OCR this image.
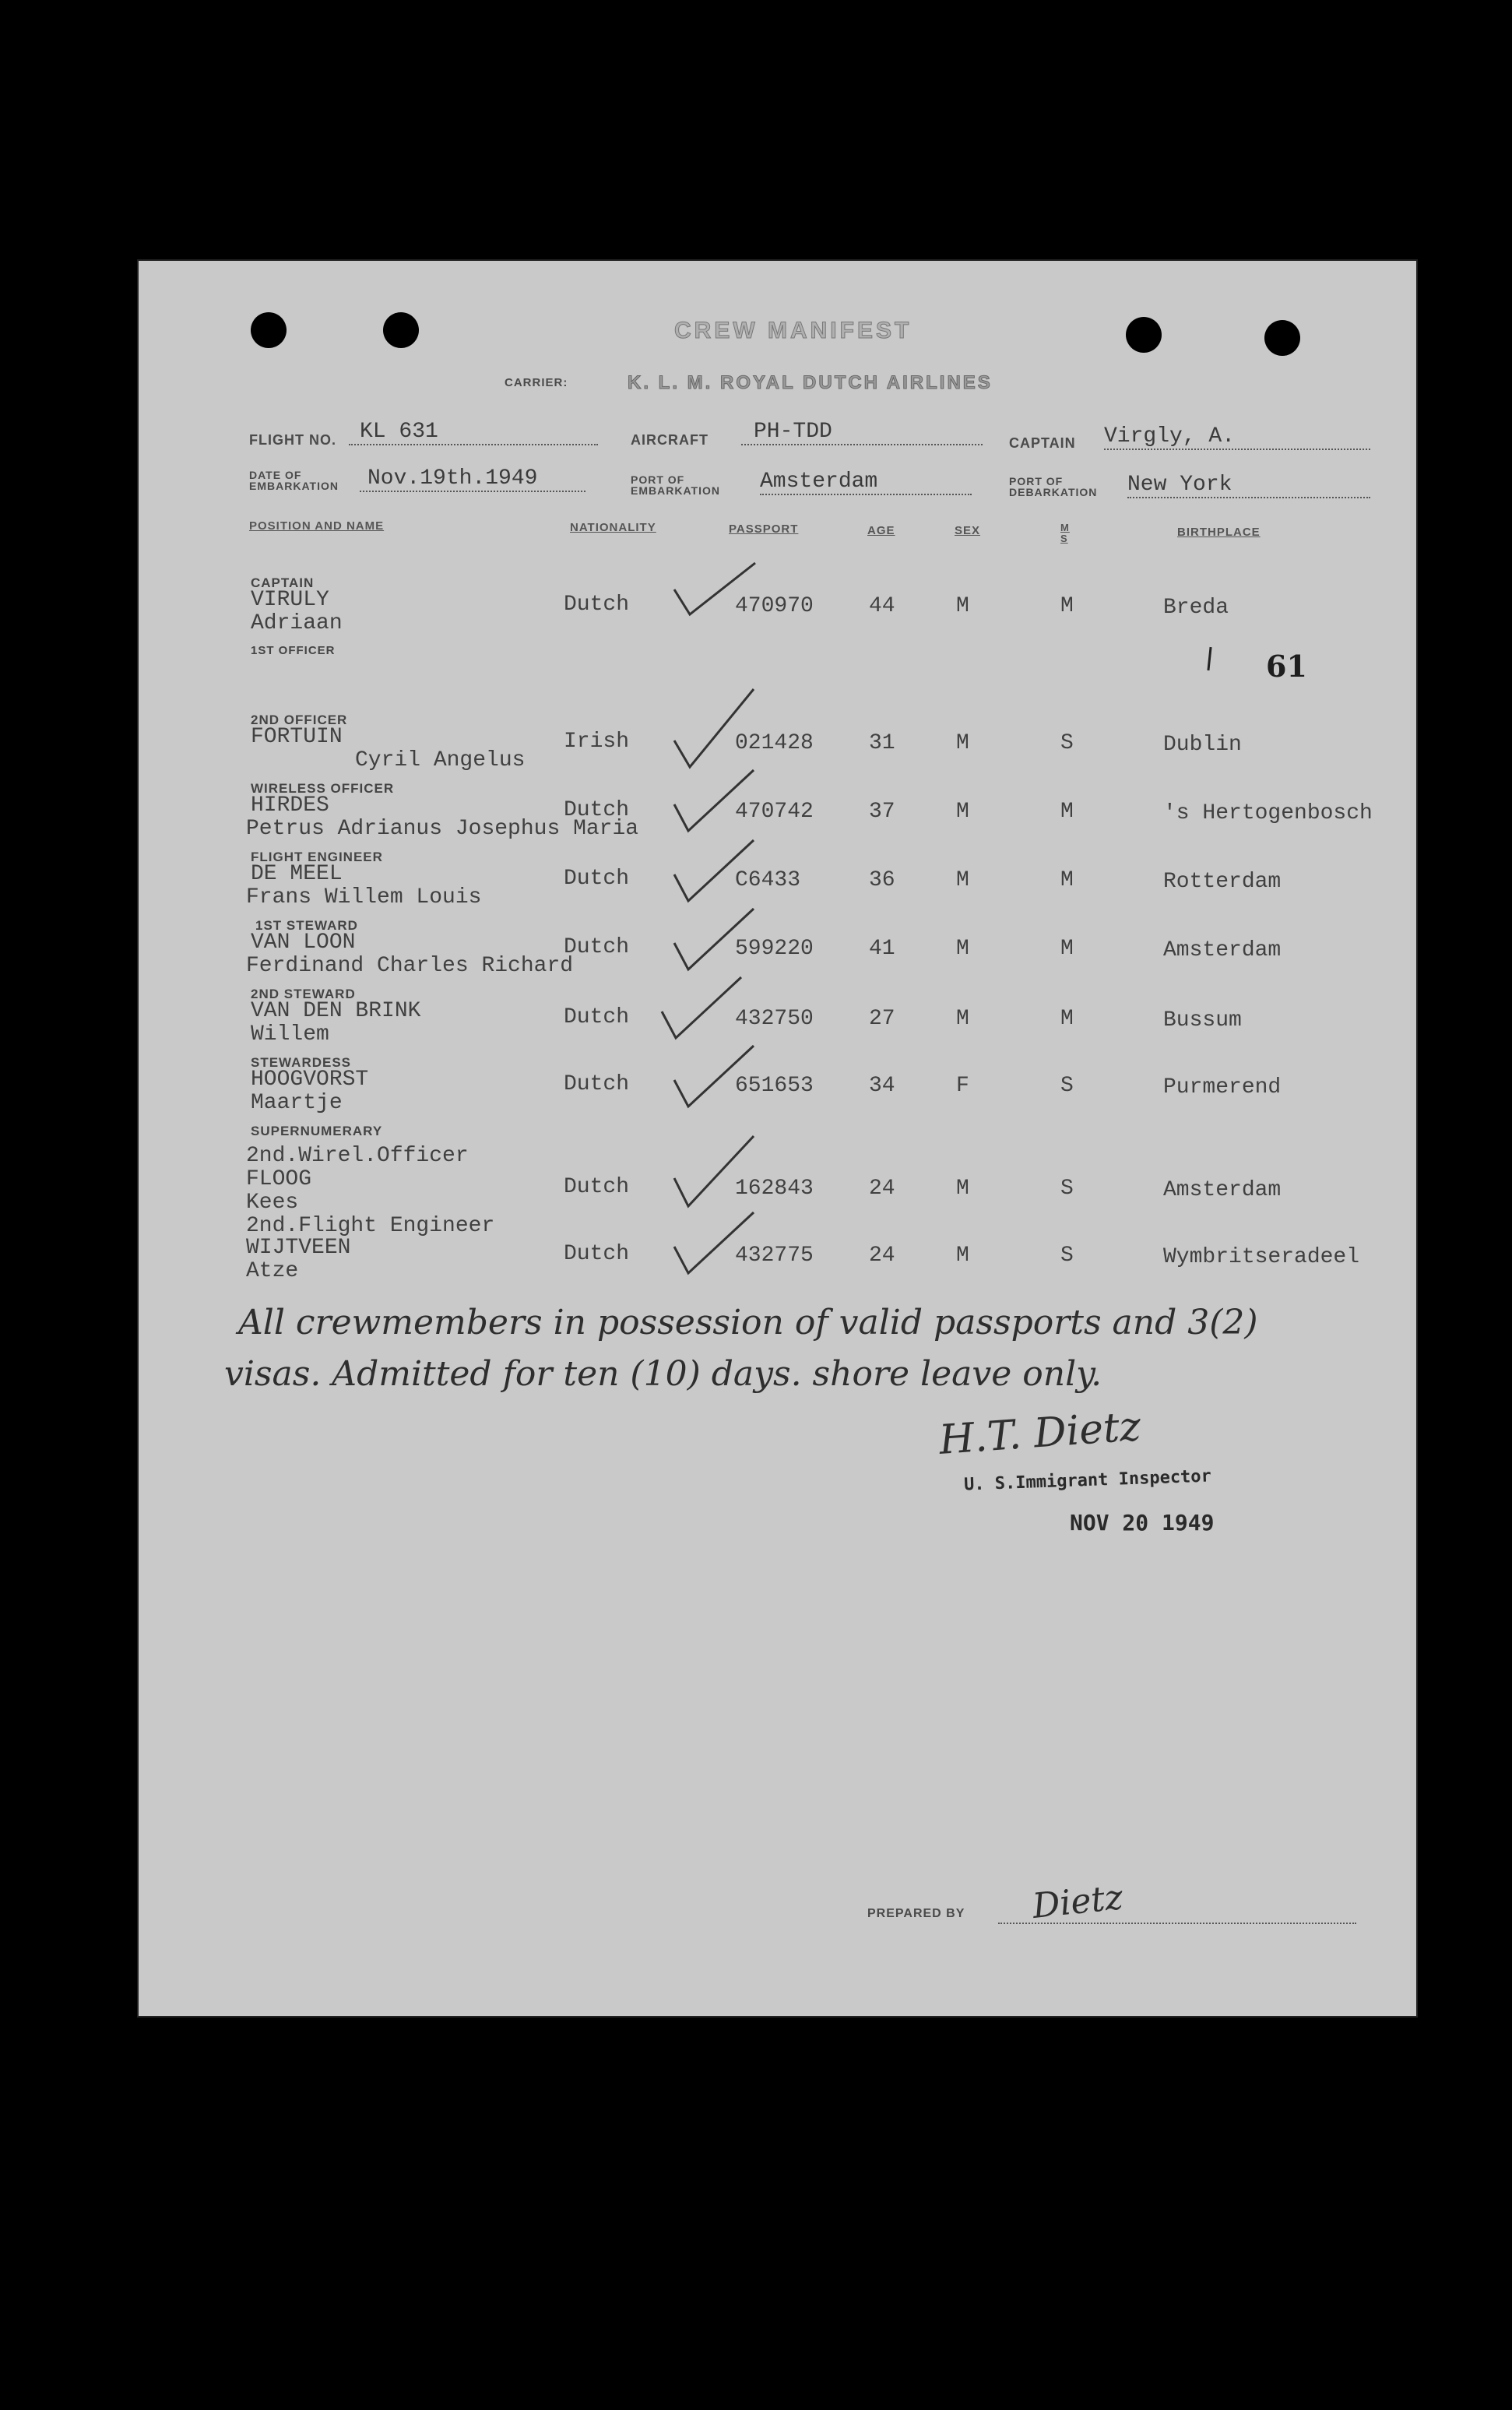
CREW MANIFEST
CARRIER:	K. L. M. ROYAL DUTCH AIRLINES
FLIGHT NO.	KL 631	AIRCRAFT	PH-TDD	CAPTAIN Virgly, A.
DATE OF
EMBARKATION	Nov.19th.1949	PORT OF
EMBARKATION Amsterdam	PORT OF
DEBARKATION New York
POSITION AND NAME	NATIONALITY	PASSPORT	AGE	SEX	M
S	BIRTHPLACE
61
CAPTAIN
VIRULY
Adriaan
Dutch	470970	44	M	M	Breda
1ST OFFICER
2ND OFFICER
FORTUIN
Cyril Angelus
Irish	021428	31	M	S	Dublin
WIRELESS OFFICER
HIRDES
Petrus Adrianus Josephus Maria
Dutch	470742	37	M	M	's Hertogenbosch
FLIGHT ENGINEER
DE MEEL
Frans Willem Louis
Dutch	C6433	36	M	M	Rotterdam
1ST STEWARD
VAN LOON
Ferdinand Charles Richard
Dutch	599220	41	M	M	Amsterdam
2ND STEWARD
VAN DEN BRINK
Willem
Dutch	432750	27	M	M	Bussum
STEWARDESS
HOOGVORST
Maartje
Dutch	651653	34	F	S	Purmerend
SUPERNUMERARY
2nd.Wirel.Officer
FLOOG
Kees
Dutch	162843	24	M	S	Amsterdam
2nd.Flight Engineer
WIJTVEEN
Atze
Dutch	432775	24	M	S	Wymbritseradeel
All crewmembers in possession of valid passports and 3(2)
visas. Admitted for ten (10) days. shore leave only.
H.T. Dietz
U. S.Immigrant Inspector
NOV 20 1949
PREPARED BY Dietz
